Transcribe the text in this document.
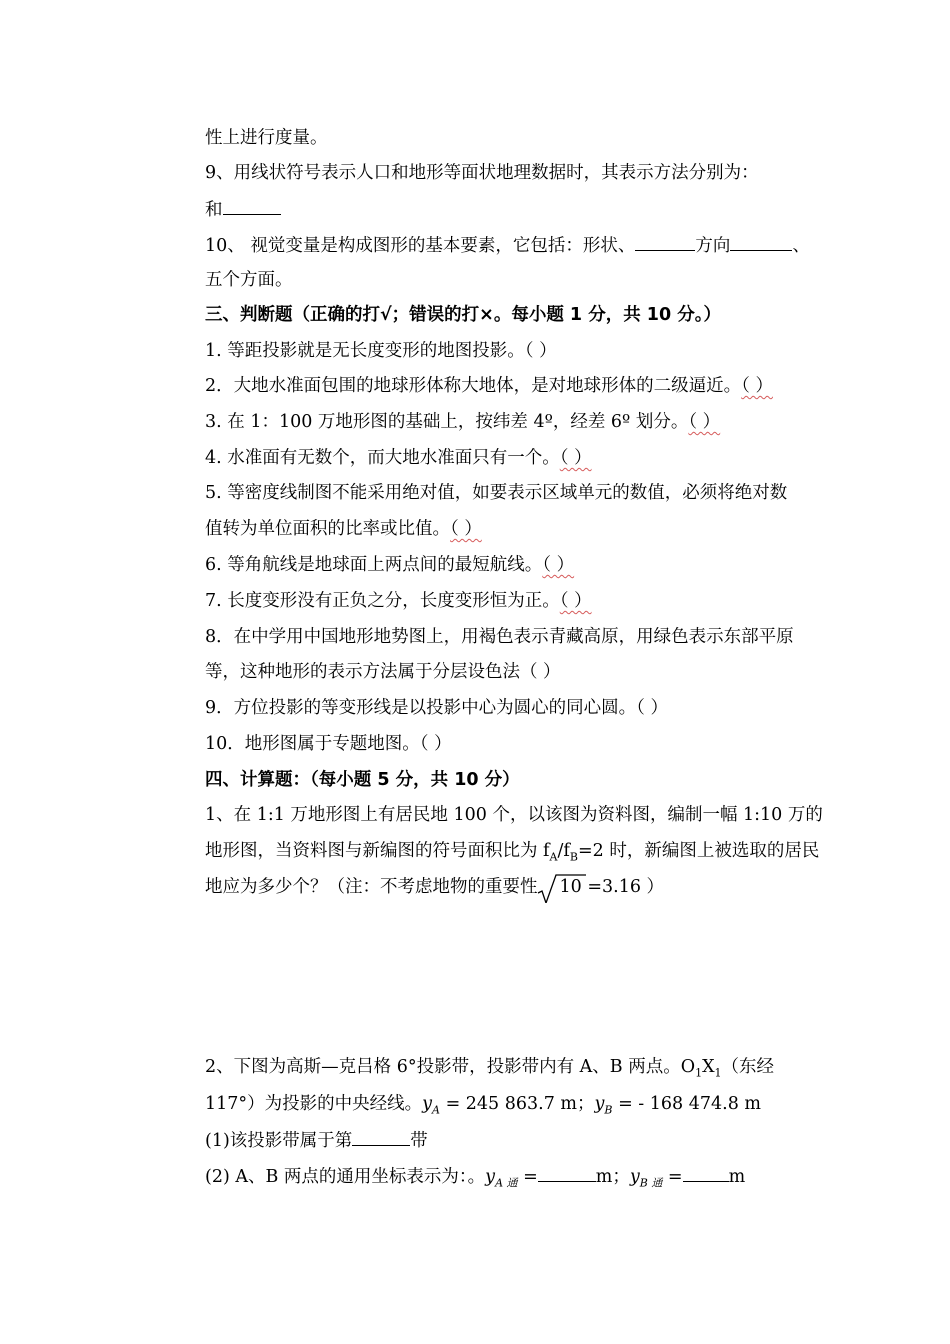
性上进行度量。
9、用线状符号表示人口和地形等面状地理数据时，其表示方法分别为：
和
10、 视觉变量是构成图形的基本要素，它包括：形状、	方向	、
五个方面。
三、判断题（正确的打√；错误的打×。每小题 1 分，共 10 分。）
1. 等距投影就是无长度变形的地图投影。（ ）
2．大地水准面包围的地球形体称大地体，是对地球形体的二级逼近。（ ）
3. 在 1：100 万地形图的基础上，按纬差 4º，经差 6º 划分。（ ）
4. 水准面有无数个，而大地水准面只有一个。（ ）
5. 等密度线制图不能采用绝对值，如要表示区域单元的数值，必须将绝对数
值转为单位面积的比率或比值。（ ）
6. 等角航线是地球面上两点间的最短航线。（ ）
7. 长度变形没有正负之分，长度变形恒为正。（ ）
8．在中学用中国地形地势图上，用褐色表示青藏高原，用绿色表示东部平原
等，这种地形的表示方法属于分层设色法（ ）
9．方位投影的等变形线是以投影中心为圆心的同心圆。（ ）
10．地形图属于专题地图。（ ）
四、计算题：（每小题 5 分，共 10 分）
1、在 1:1 万地形图上有居民地 100 个，以该图为资料图，编制一幅 1:10 万的
地形图，当资料图与新编图的符号面积比为 $f_A/f_B=2$ 时，新编图上被选取的居民
地应为多少个？（注：不考虑地物的重要性 10 =3.16 ）
2、下图为高斯—克吕格 6°投影带，投影带内有 A、B 两点。$O_1X_1$（东经
117°）为投影的中央经线。$y_A = 245$ 863.7 m；$y_B$ = - 168 474.8 m
(1)该投影带属于第	带
(2) A、B 两点的通用坐标表示为：。$y_{A 通}$ =	m；$y_{B 通}$ =	m
